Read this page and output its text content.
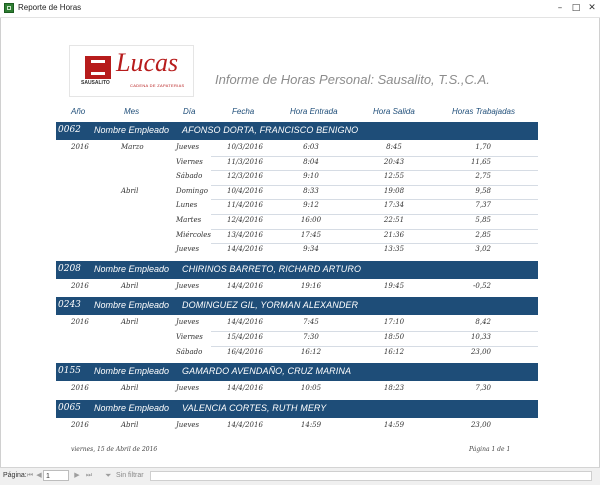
Reporte de Horas	–	□ ✕
SAUSALITO
Lucas
CADENA DE ZAPATERIAS Informe de Horas Personal: Sausalito, T.S.,C.A.
Año	Mes	Día	Fecha	Hora Entrada	Hora Salida	Horas Trabajadas
0062 Nombre Empleado AFONSO DORTA, FRANCISCO BENIGNO
2016	Marzo	Jueves	10/3/2016	6:03	8:45	1,70
Viernes	11/3/2016	8:04	20:43	11,65
Sábado	12/3/2016	9:10	12:55	2,75
Abril	Domingo	10/4/2016	8:33	19:08	9,58
Lunes	11/4/2016	9:12	17:34	7,37
Martes	12/4/2016	16:00	22:51	5,85
Miércoles 13/4/2016	17:45	21:36	2,85
Jueves	14/4/2016	9:34	13:35	3,02
0208 Nombre Empleado CHIRINOS BARRETO, RICHARD ARTURO
2016	Abril	Jueves	14/4/2016	19:16	19:45	-0,52
0243 Nombre Empleado DOMINGUEZ GIL, YORMAN ALEXANDER
2016	Abril	Jueves	14/4/2016	7:45	17:10	8,42
Viernes	15/4/2016	7:30	18:50	10,33
Sábado	16/4/2016	16:12	16:12	23,00
0155 Nombre Empleado GAMARDO AVENDAÑO, CRUZ MARINA
2016	Abril	Jueves	14/4/2016	10:05	18:23	7,30
0065 Nombre Empleado VALENCIA CORTES, RUTH MERY
2016	Abril	Jueves	14/4/2016	14:59	14:59	23,00
viernes, 15 de Abril de 2016	Página 1 de 1
Página: ⏮ ◀ 1	▶ ⏭ ⏷ Sin filtrar
